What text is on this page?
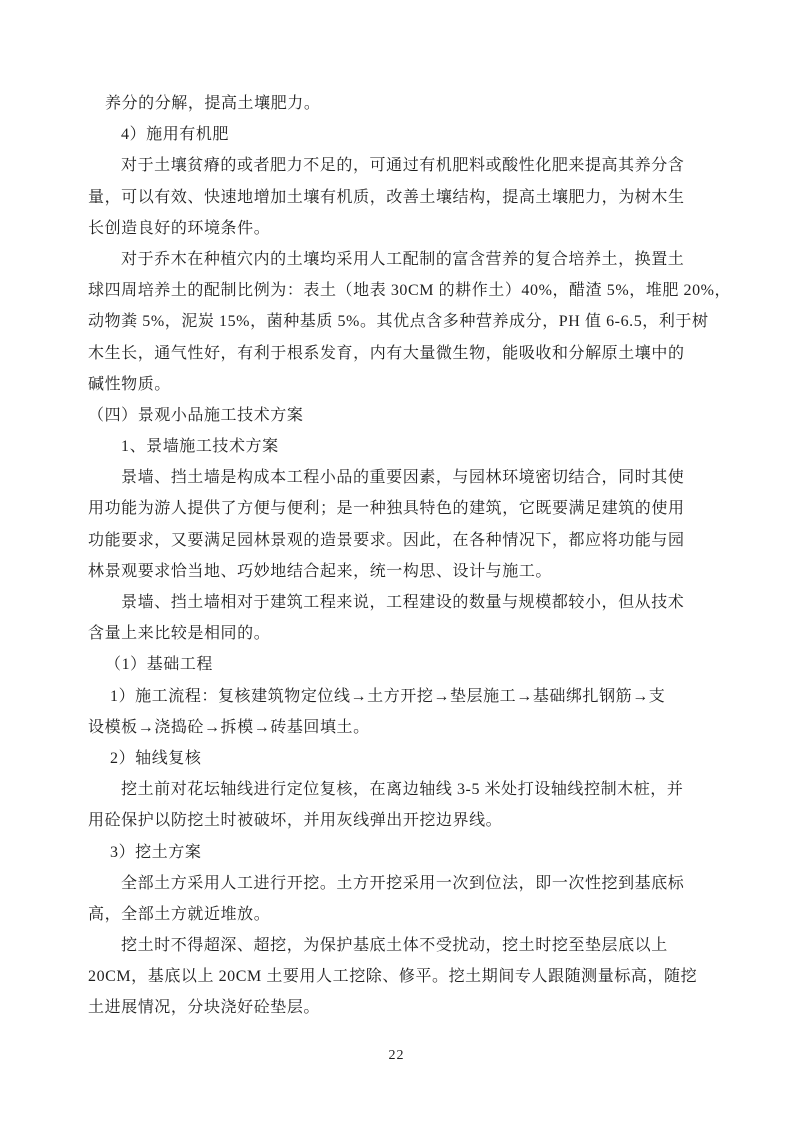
养分的分解，提高土壤肥力。
4）施用有机肥
对于土壤贫瘠的或者肥力不足的，可通过有机肥料或酸性化肥来提高其养分含
量，可以有效、快速地增加土壤有机质，改善土壤结构，提高土壤肥力，为树木生
长创造良好的环境条件。
对于乔木在种植穴内的土壤均采用人工配制的富含营养的复合培养土，换置土
球四周培养土的配制比例为：表土（地表 30CM 的耕作土）40%，醋渣 5%，堆肥 20%，
动物粪 5%，泥炭 15%，菌种基质 5%。其优点含多种营养成分，PH 值 6-6.5，利于树
木生长，通气性好，有利于根系发育，内有大量微生物，能吸收和分解原土壤中的
碱性物质。
（四）景观小品施工技术方案
1、景墙施工技术方案
景墙、挡土墙是构成本工程小品的重要因素，与园林环境密切结合，同时其使
用功能为游人提供了方便与便利；是一种独具特色的建筑，它既要满足建筑的使用
功能要求，又要满足园林景观的造景要求。因此，在各种情况下，都应将功能与园
林景观要求恰当地、巧妙地结合起来，统一构思、设计与施工。
景墙、挡土墙相对于建筑工程来说，工程建设的数量与规模都较小，但从技术
含量上来比较是相同的。
（1）基础工程
1）施工流程：复核建筑物定位线→土方开挖→垫层施工→基础绑扎钢筋→支
设模板→浇捣砼→拆模→砖基回填土。
2）轴线复核
挖土前对花坛轴线进行定位复核，在离边轴线 3-5 米处打设轴线控制木桩，并
用砼保护以防挖土时被破坏，并用灰线弹出开挖边界线。
3）挖土方案
全部土方采用人工进行开挖。土方开挖采用一次到位法，即一次性挖到基底标
高，全部土方就近堆放。
挖土时不得超深、超挖，为保护基底土体不受扰动，挖土时挖至垫层底以上
20CM，基底以上 20CM 土要用人工挖除、修平。挖土期间专人跟随测量标高，随挖
土进展情况，分块浇好砼垫层。
22
